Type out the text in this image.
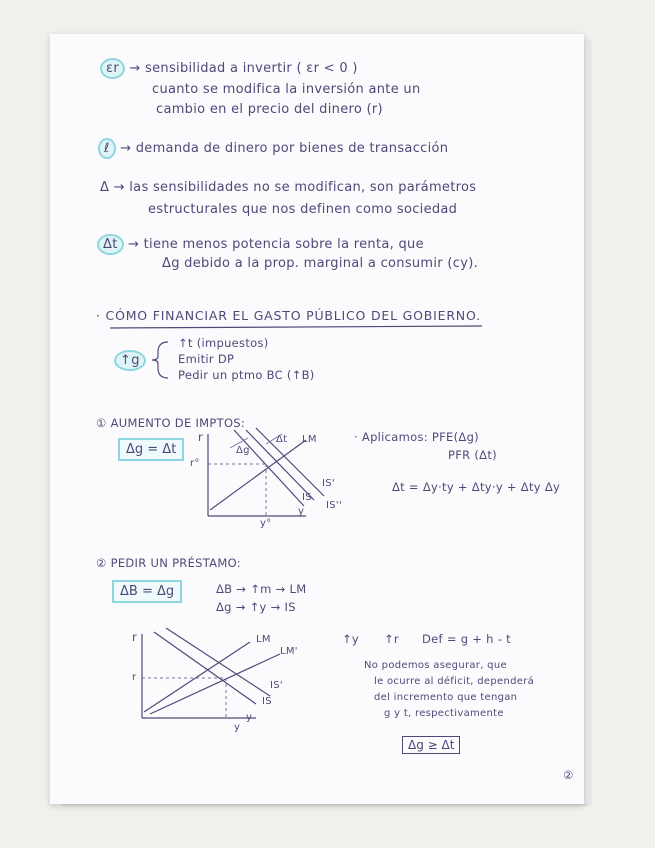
εr → sensibilidad a invertir ( εr < 0 )
cuanto se modifica la inversión ante un
cambio en el precio del dinero (r)
ℓ → demanda de dinero por bienes de transacción
Δ → las sensibilidades no se modifican, son parámetros
estructurales que nos definen como sociedad
Δt → tiene menos potencia sobre la renta, que
Δg debido a la prop. marginal a consumir (cy).
· CÓMO FINANCIAR EL GASTO PÚBLICO DEL GOBIERNO.
↑g
↑t (impuestos)
Emitir DP
Pedir un ptmo BC (↑B)
① AUMENTO DE IMPTOS:
Δg = Δt
r
r°
y
y°
Δg
Δt LM
IS
IS'
IS''
· Aplicamos: PFE(Δg)
PFR (Δt)
Δt = Δy·ty + Δty·y + Δty Δy
② PEDIR UN PRÉSTAMO:
ΔB = Δg	ΔB → ↑m → LM
Δg → ↑y → IS
r
r
y
y
LM
LM'
IS
IS'
↑y ↑r Def = g + h - t
No podemos asegurar, que
le ocurre al déficit, dependerá
del incremento que tengan
g y t, respectivamente
Δg ≥ Δt
②
